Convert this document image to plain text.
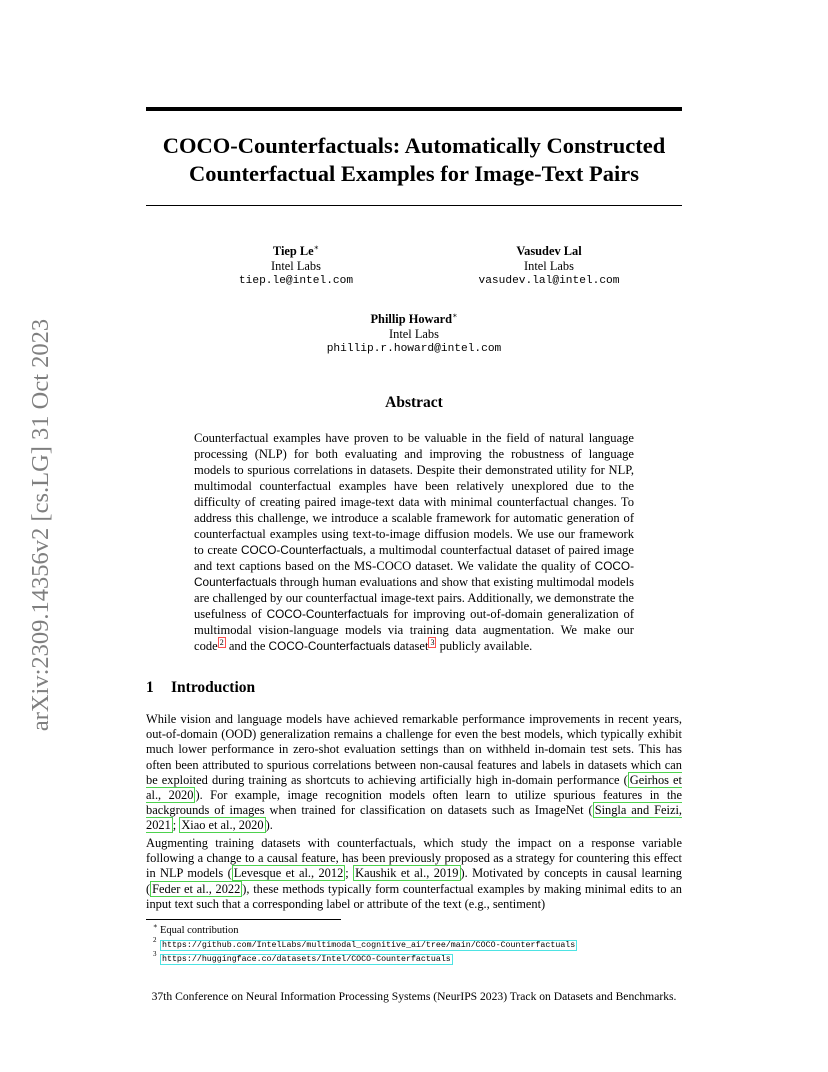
arXiv:2309.14356v2 [cs.LG] 31 Oct 2023
COCO-Counterfactuals: Automatically Constructed
Counterfactual Examples for Image-Text Pairs
Tiep Le∗
Intel Labs
tiep.le@intel.com
Vasudev Lal
Intel Labs
vasudev.lal@intel.com
Phillip Howard∗
Intel Labs
phillip.r.howard@intel.com
Abstract
Counterfactual examples have proven to be valuable in the field of natural language processing (NLP) for both evaluating and improving the robustness of language models to spurious correlations in datasets. Despite their demonstrated utility for NLP, multimodal counterfactual examples have been relatively unexplored due to the difficulty of creating paired image-text data with minimal counterfactual changes. To address this challenge, we introduce a scalable framework for automatic generation of counterfactual examples using text-to-image diffusion models. We use our framework to create COCO-Counterfactuals, a multimodal counterfactual dataset of paired image and text captions based on the MS-COCO dataset. We validate the quality of COCO-Counterfactuals through human evaluations and show that existing multimodal models are challenged by our counterfactual image-text pairs. Additionally, we demonstrate the usefulness of COCO-Counterfactuals for improving out-of-domain generalization of multimodal vision-language models via training data augmentation. We make our code $^2$ and the COCO-Counterfactuals dataset $^3$ publicly available.
1 Introduction
While vision and language models have achieved remarkable performance improvements in recent years, out-of-domain (OOD) generalization remains a challenge for even the best models, which typically exhibit much lower performance in zero-shot evaluation settings than on withheld in-domain test sets. This has often been attributed to spurious correlations between non-causal features and labels in datasets which can be exploited during training as shortcuts to achieving artificially high in-domain performance ( Geirhos et al., 2020 ). For example, image recognition models often learn to utilize spurious features in the backgrounds of images when trained for classification on datasets such as ImageNet ( Singla and Feizi, 2021 ; Xiao et al., 2020 ).
Augmenting training datasets with counterfactuals, which study the impact on a response variable following a change to a causal feature, has been previously proposed as a strategy for countering this effect in NLP models ( Levesque et al., 2012 ; Kaushik et al., 2019 ). Motivated by concepts in causal learning ( Feder et al., 2022 ), these methods typically form counterfactual examples by making minimal edits to an input text such that a corresponding label or attribute of the text (e.g., sentiment)
∗ Equal contribution
2
https://github.com/IntelLabs/multimodal_cognitive_ai/tree/main/COCO-Counterfactuals
3
https://huggingface.co/datasets/Intel/COCO-Counterfactuals
37th Conference on Neural Information Processing Systems (NeurIPS 2023) Track on Datasets and Benchmarks.
